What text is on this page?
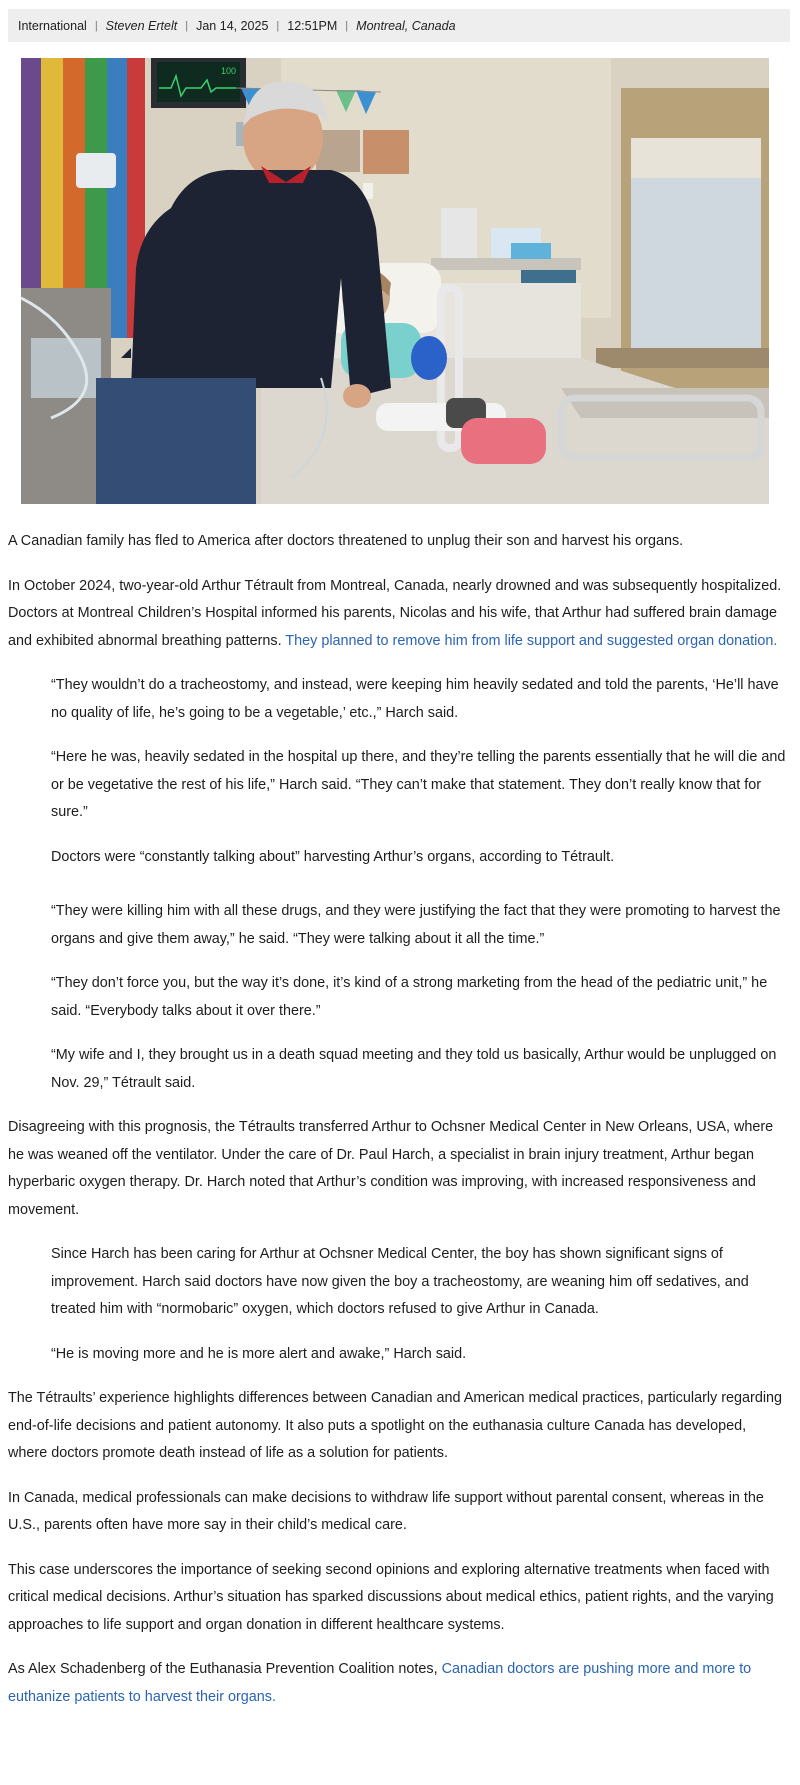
International | Steven Ertelt | Jan 14, 2025 | 12:51PM | Montreal, Canada
100

A Canadian family has fled to America after doctors threatened to unplug their son and harvest his organs.

In October 2024, two-year-old Arthur Tétrault from Montreal, Canada, nearly drowned and was subsequently hospitalized. Doctors at Montreal Children’s Hospital informed his parents, Nicolas and his wife, that Arthur had suffered brain damage and exhibited abnormal breathing patterns. They planned to remove him from life support and suggested organ donation.

“They wouldn’t do a tracheostomy, and instead, were keeping him heavily sedated and told the parents, ‘He’ll have no quality of life, he’s going to be a vegetable,’ etc.,” Harch said.

“Here he was, heavily sedated in the hospital up there, and they’re telling the parents essentially that he will die and or be vegetative the rest of his life,” Harch said. “They can’t make that statement. They don’t really know that for sure.”

Doctors were “constantly talking about” harvesting Arthur’s organs, according to Tétrault.

“They were killing him with all these drugs, and they were justifying the fact that they were promoting to harvest the organs and give them away,” he said. “They were talking about it all the time.”

“They don’t force you, but the way it’s done, it’s kind of a strong marketing from the head of the pediatric unit,” he said. “Everybody talks about it over there.”

“My wife and I, they brought us in a death squad meeting and they told us basically, Arthur would be unplugged on Nov. 29,” Tétrault said.

Disagreeing with this prognosis, the Tétraults transferred Arthur to Ochsner Medical Center in New Orleans, USA, where he was weaned off the ventilator. Under the care of Dr. Paul Harch, a specialist in brain injury treatment, Arthur began hyperbaric oxygen therapy. Dr. Harch noted that Arthur’s condition was improving, with increased responsiveness and movement.

Since Harch has been caring for Arthur at Ochsner Medical Center, the boy has shown significant signs of improvement. Harch said doctors have now given the boy a tracheostomy, are weaning him off sedatives, and treated him with “normobaric” oxygen, which doctors refused to give Arthur in Canada.

“He is moving more and he is more alert and awake,” Harch said.

The Tétraults’ experience highlights differences between Canadian and American medical practices, particularly regarding end-of-life decisions and patient autonomy. It also puts a spotlight on the euthanasia culture Canada has developed, where doctors promote death instead of life as a solution for patients.

In Canada, medical professionals can make decisions to withdraw life support without parental consent, whereas in the U.S., parents often have more say in their child’s medical care.

This case underscores the importance of seeking second opinions and exploring alternative treatments when faced with critical medical decisions. Arthur’s situation has sparked discussions about medical ethics, patient rights, and the varying approaches to life support and organ donation in different healthcare systems.

As Alex Schadenberg of the Euthanasia Prevention Coalition notes, Canadian doctors are pushing more and more to euthanize patients to harvest their organs.
